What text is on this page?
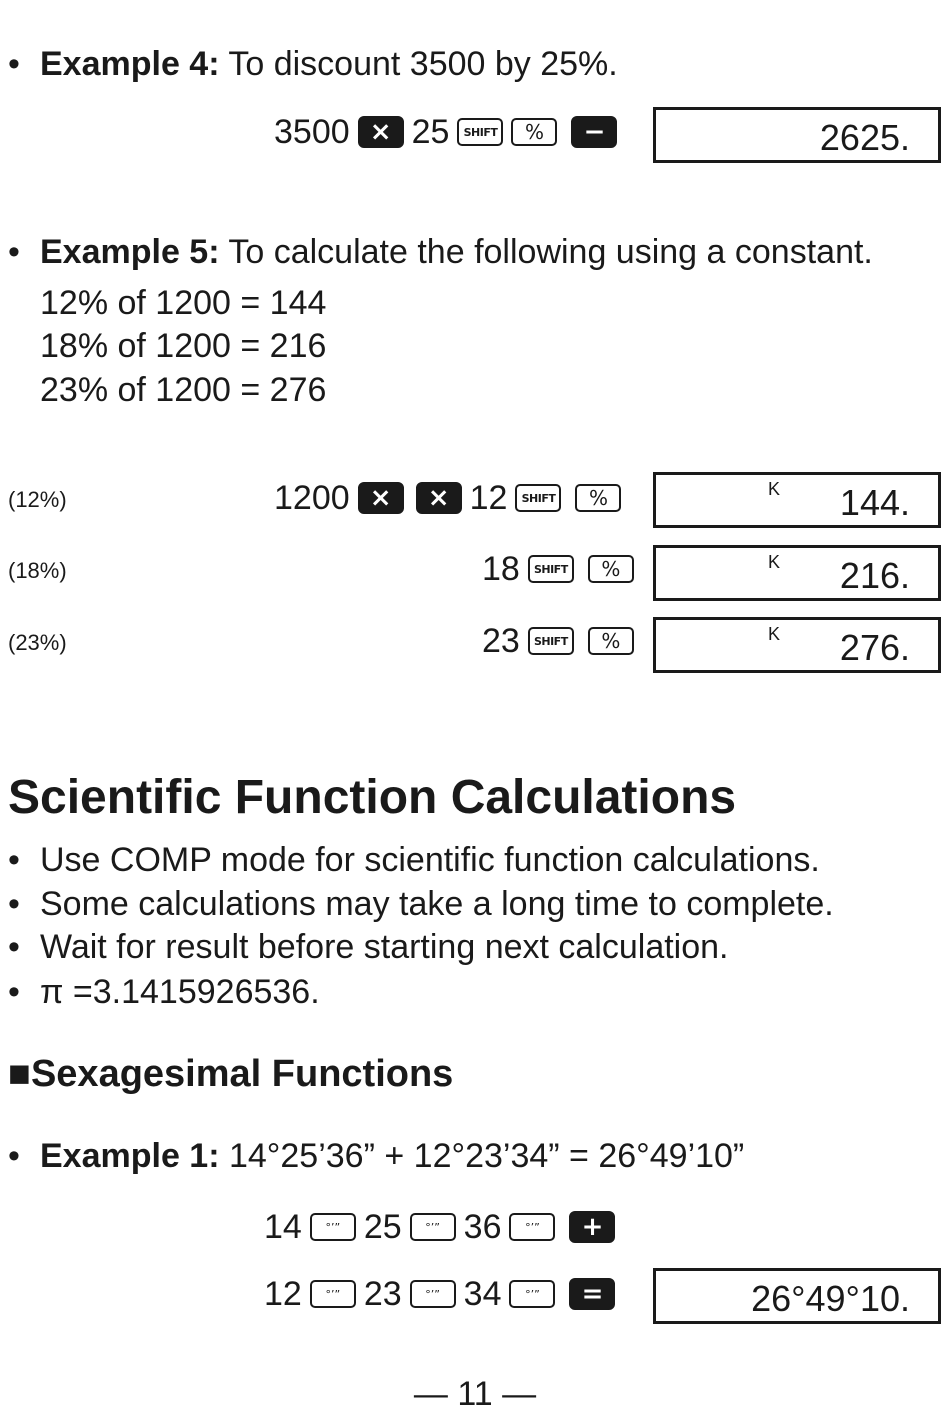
• Example 4: To discount 3500 by 25%.
3500 × 25	SHIFT	%	−	2625.
• Example 5: To calculate the following using a constant.
12% of 1200 = 144
18% of 1200 = 216
23% of 1200 = 276
(12%)	1200 ×	× 12	SHIFT	%	K 144.
(18%)	18	SHIFT	%	K 216.
(23%)	23	SHIFT	%	K 276.
Scientific Function Calculations
• Use COMP mode for scientific function calculations.
• Some calculations may take a long time to complete.
• Wait for result before starting next calculation.
• π =3.1415926536.
■Sexagesimal Functions
• Example 1: 14°25’36” + 12°23’34” = 26°49’10”
14	°’” 25	°’” 36	°’”	+
12	°’” 23	°’” 34	°’”	=	26°49°10.
— 11 —
